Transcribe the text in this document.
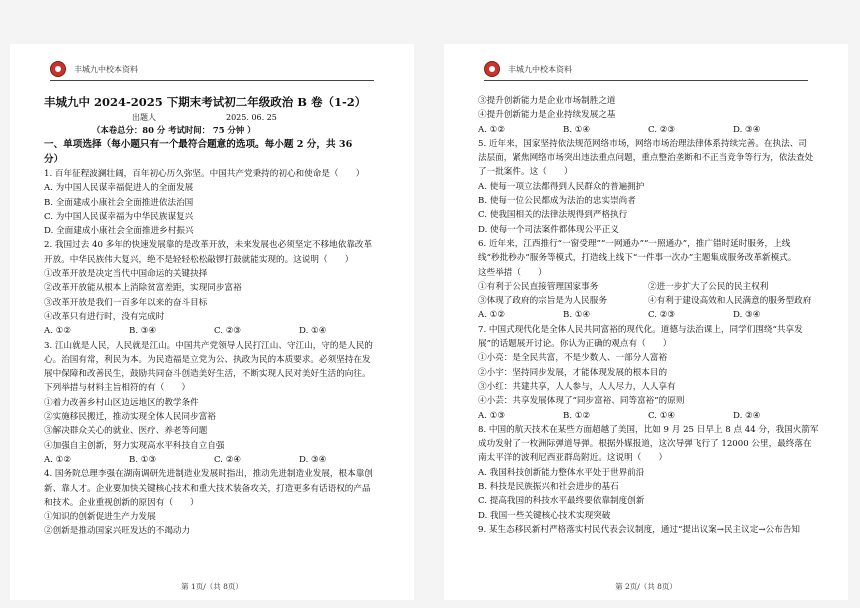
丰城九中校本资料
丰城九中 2024-2025 下期末考试初二年级政治 B 卷（1-2）
出题人	2025. 06. 25
（本卷总分：80 分 考试时间： 75 分钟 ）
一、单项选择（每小题只有一个最符合题意的选项。每小题 2 分，共 36
分）
1. 百年征程波澜壮阔，百年初心历久弥坚。中国共产党秉持的初心和使命是（　　）
A. 为中国人民谋幸福促进人的全面发展
B. 全面建成小康社会全面推进依法治国
C. 为中国人民谋幸福为中华民族谋复兴
D. 全面建成小康社会全面推进乡村振兴
2. 我国过去 40 多年的快速发展靠的是改革开放，未来发展也必须坚定不移地依靠改革
开放。中华民族伟大复兴，绝不是轻轻松松敲锣打鼓就能实现的。这说明（　　）
①改革开放是决定当代中国命运的关键抉择
②改革开放能从根本上消除贫富差距，实现同步富裕
③改革开放是我们一百多年以来的奋斗目标
④改革只有进行时，没有完成时
A. ①②	B. ③④	C. ②③	D. ①④
3. 江山就是人民，人民就是江山。中国共产党领导人民打江山、守江山，守的是人民的
心。治国有常，利民为本。为民造福是立党为公、执政为民的本质要求。必须坚持在发
展中保障和改善民生，鼓励共同奋斗创造美好生活，不断实现人民对美好生活的向往。
下列举措与材料主旨相符的有（　　）
①着力改善乡村山区边远地区的教学条件
②实施移民搬迁，推动实现全体人民同步富裕
③解决群众关心的就业、医疗、养老等问题
④加强自主创新，努力实现高水平科技自立自强
A. ①②	B. ①③	C. ②④	D. ③④
4. 国务院总理李强在湖南调研先进制造业发展时指出，推动先进制造业发展，根本靠创
新、靠人才。企业要加快关键核心技术和重大技术装备攻关，打造更多有话语权的产品
和技术。企业重视创新的原因有（　　）
①知识的创新促进生产力发展
②创新是推动国家兴旺发达的不竭动力
第 1页/（共 8页）
丰城九中校本资料
③提升创新能力是企业市场制胜之道
④提升创新能力是企业持续发展之基
A. ①②	B. ①④	C. ②③	D. ③④
5. 近年来，国家坚持依法规范网络市场，网络市场治理法律体系持续完善。在执法、司
法层面，紧焦网络市场突出违法重点问题，重点整治垄断和不正当竞争等行为，依法查处
了一批案件。这（　　）
A. 使每一项立法都得到人民群众的普遍拥护
B. 使每一位公民都成为法治的忠实崇尚者
C. 使我国相关的法律法规得到严格执行
D. 使每一个司法案件都体现公平正义
6. 近年来，江西推行“一窗受理”“一网通办”“一照通办”，推广错时延时服务，上线
线“秒批秒办”服务等模式，打造线上线下“一件事一次办”主题集成服务改革新模式。
这些举措（　　）
①有利于公民直接管理国家事务	②进一步扩大了公民的民主权利
③体现了政府的宗旨是为人民服务	④有利于建设高效和人民满意的服务型政府
A. ①②	B. ①④	C. ②③	D. ③④
7. 中国式现代化是全体人民共同富裕的现代化。道德与法治课上，同学们围绕“共享发
展”的话题展开讨论。你认为正确的观点有（　　）
①小亮：是全民共富，不是少数人、一部分人富裕
②小宇：坚持同步发展，才能体现发展的根本目的
③小红：共建共享，人人参与，人人尽力，人人享有
④小芸：共享发展体现了“同步富裕、同等富裕”的原则
A. ①③	B. ①②	C. ①④	D. ②④
8. 中国的航天技术在某些方面超越了美国，比如 9 月 25 日早上 8 点 44 分，我国火箭军
成功发射了一枚洲际弹道导弹。根据外媒报道，这次导弹飞行了 12000 公里，最终落在
南太平洋的波利尼西亚群岛附近。这说明（　　）
A. 我国科技创新能力整体水平处于世界前沿
B. 科技是民族振兴和社会进步的基石
C. 提高我国的科技水平最终要依靠制度创新
D. 我国一些关键核心技术实现突破
9. 某生态移民新村严格落实村民代表会议制度，通过“提出议案→民主议定→公布告知
第 2页/（共 8页）
